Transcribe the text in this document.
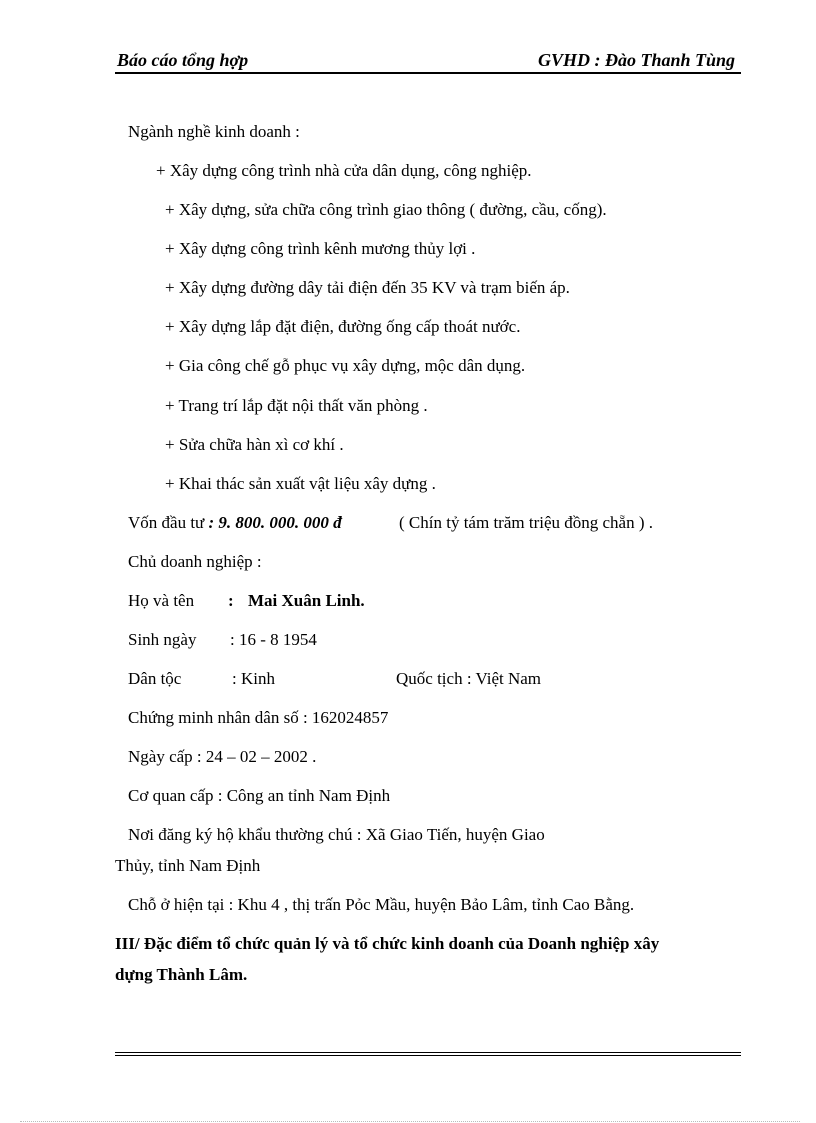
Báo cáo tổng hợp	GVHD : Đào Thanh Tùng
Ngành nghề kinh doanh :
+ Xây dựng công trình nhà cửa dân dụng, công nghiệp.
+ Xây dựng, sửa chữa công trình giao thông ( đường, cầu, cống).
+ Xây dựng công trình kênh mương thủy lợi .
+ Xây dựng đường dây tải điện đến 35 KV và trạm biến áp.
+ Xây dựng lắp đặt điện, đường ống cấp thoát nước.
+ Gia công chế gỗ phục vụ xây dựng, mộc dân dụng.
+ Trang trí lắp đặt nội thất văn phòng .
+ Sửa chữa hàn xì cơ khí .
+ Khai thác sản xuất vật liệu xây dựng .
Vốn đầu tư : 9. 800. 000. 000 đ	( Chín tỷ tám trăm triệu đồng chẵn ) .
Chủ doanh nghiệp :
Họ và tên : Mai Xuân Linh.
Sinh ngày : 16 - 8 1954
Dân tộc	: Kinh	Quốc tịch : Việt Nam
Chứng minh nhân dân số : 162024857
Ngày cấp : 24 – 02 – 2002 .
Cơ quan cấp : Công an tỉnh Nam Định
Nơi đăng ký hộ khẩu thường chú : Xã Giao Tiến, huyện Giao
Thủy, tỉnh Nam Định
Chỗ ở hiện tại : Khu 4 , thị trấn Pỏc Mầu, huyện Bảo Lâm, tỉnh Cao Bằng.
III/ Đặc điểm tổ chức quản lý và tổ chức kinh doanh của Doanh nghiệp xây
dựng Thành Lâm.
